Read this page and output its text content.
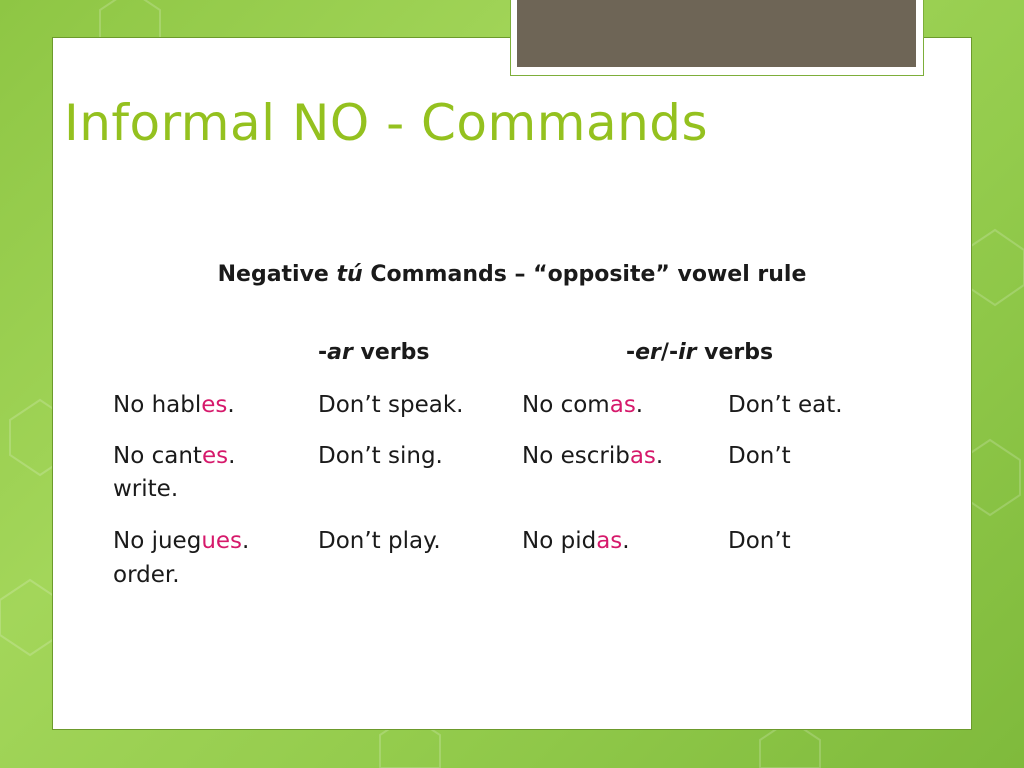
Informal NO - Commands
Negative tú Commands – “opposite” vowel rule
-ar verbs	-er/-ir verbs
No hables.	Don’t speak.	No comas.	Don’t eat.
No cantes.	Don’t sing.	No escribas.	Don’t
write.
No juegues.	Don’t play.	No pidas.	Don’t
order.
